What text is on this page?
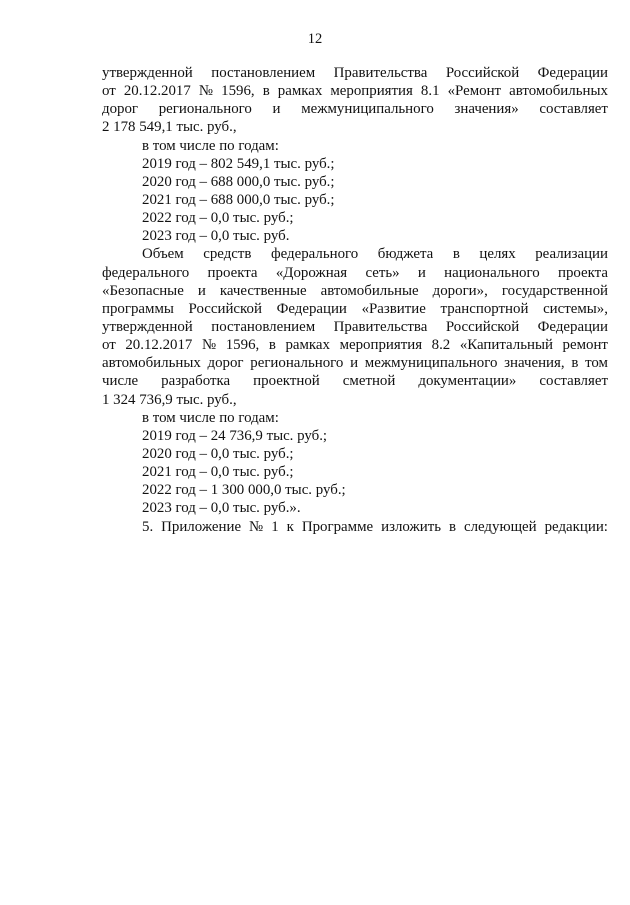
12
утвержденной постановлением Правительства Российской Федерации
от 20.12.2017 № 1596, в рамках мероприятия 8.1 «Ремонт автомобильных
дорог регионального и межмуниципального значения» составляет
2 178 549,1 тыс. руб.,
в том числе по годам:
2019 год – 802 549,1 тыс. руб.;
2020 год – 688 000,0 тыс. руб.;
2021 год – 688 000,0 тыс. руб.;
2022 год – 0,0 тыс. руб.;
2023 год – 0,0 тыс. руб.
Объем средств федерального бюджета в целях реализации
федерального проекта «Дорожная сеть» и национального проекта
«Безопасные и качественные автомобильные дороги», государственной
программы Российской Федерации «Развитие транспортной системы»,
утвержденной постановлением Правительства Российской Федерации
от 20.12.2017 № 1596, в рамках мероприятия 8.2 «Капитальный ремонт
автомобильных дорог регионального и межмуниципального значения, в том
числе разработка проектной сметной документации» составляет
1 324 736,9 тыс. руб.,
в том числе по годам:
2019 год – 24 736,9 тыс. руб.;
2020 год – 0,0 тыс. руб.;
2021 год – 0,0 тыс. руб.;
2022 год – 1 300 000,0 тыс. руб.;
2023 год – 0,0 тыс. руб.».
5. Приложение № 1 к Программе изложить в следующей редакции:
